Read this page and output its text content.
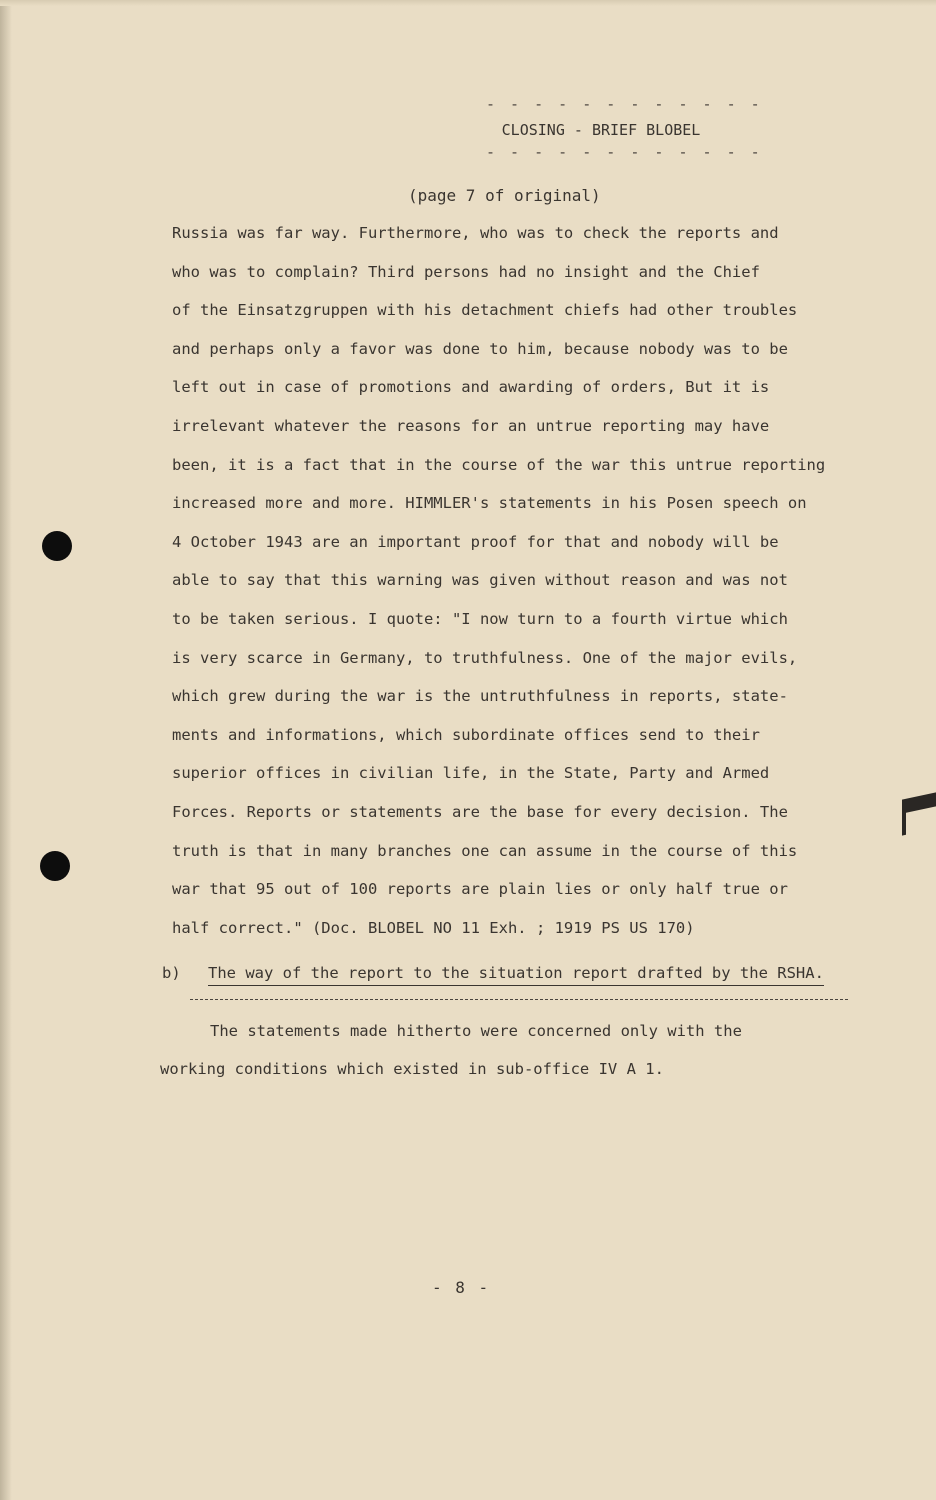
- - - - - - - - - - - -
CLOSING - BRIEF BLOBEL
- - - - - - - - - - - -
(page 7 of original)
Russia was far way. Furthermore, who was to check the reports and
who was to complain? Third persons had no insight and the Chief
of the Einsatzgruppen with his detachment chiefs had other troubles
and perhaps only a favor was done to him, because nobody was to be
left out in case of promotions and awarding of orders, But it is
irrelevant whatever the reasons for an untrue reporting may have
been, it is a fact that in the course of the war this untrue reporting
increased more and more. HIMMLER's statements in his Posen speech on
4 October 1943 are an important proof for that and nobody will be
able to say that this warning was given without reason and was not
to be taken serious. I quote: "I now turn to a fourth virtue which
is very scarce in Germany, to truthfulness. One of the major evils,
which grew during the war is the untruthfulness in reports, state-
ments and informations, which subordinate offices send to their
superior offices in civilian life, in the State, Party and Armed
Forces. Reports or statements are the base for every decision. The
truth is that in many branches one can assume in the course of this
war that 95 out of 100 reports are plain lies or only half true or
half correct." (Doc. BLOBEL NO 11 Exh. ; 1919 PS US 170)
b) The way of the report to the situation report drafted by the RSHA.
The statements made hitherto were concerned only with the
working conditions which existed in sub-office IV A 1.
- 8 -
